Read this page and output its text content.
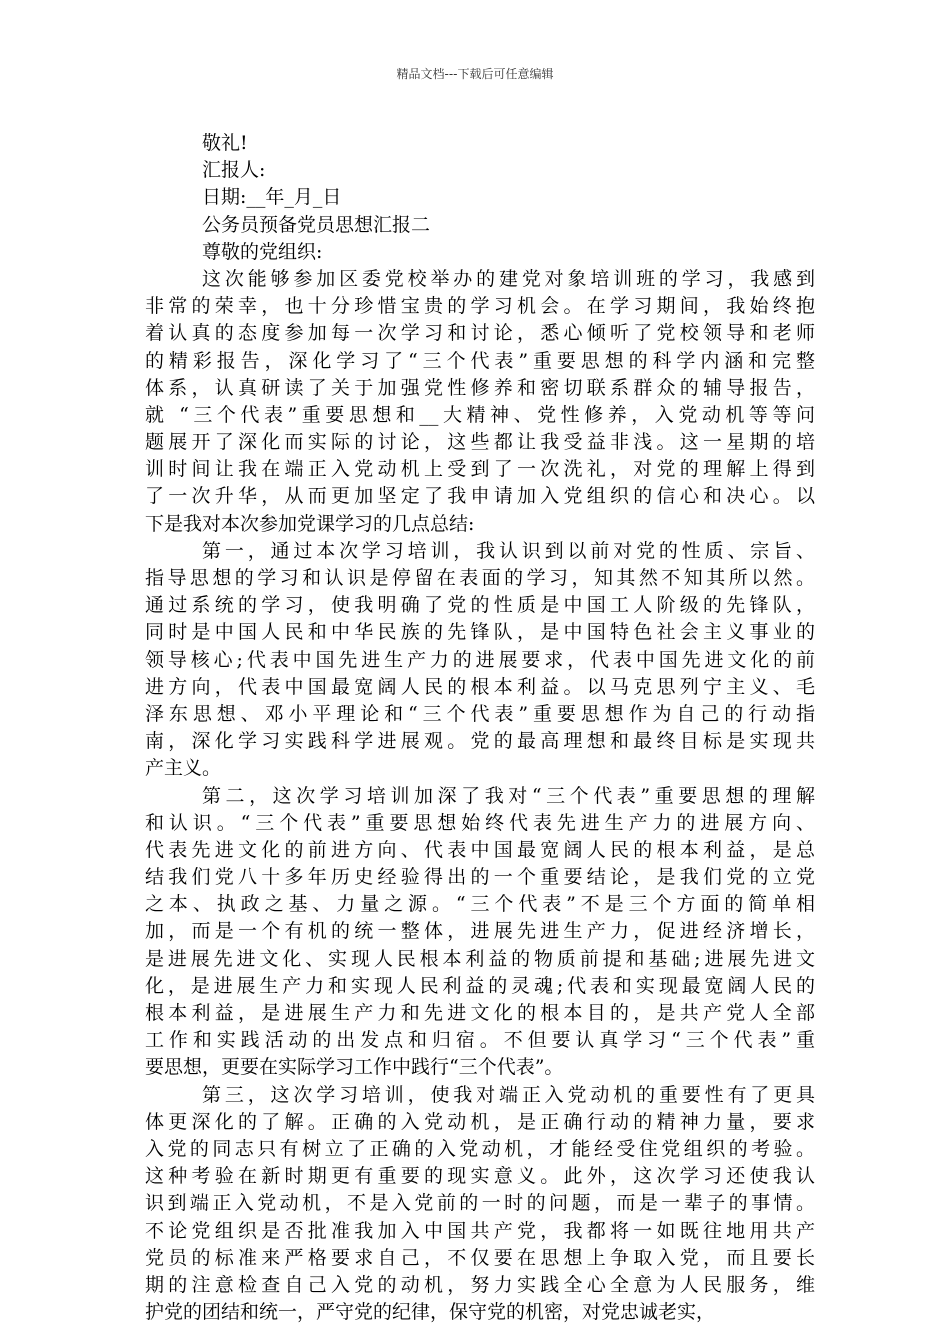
精品文档---下载后可任意编辑
敬礼!
汇报人:
日期:__年_月_日
公务员预备党员思想汇报二
尊敬的党组织:
这次能够参加区委党校举办的建党对象培训班的学习，我感到
非常的荣幸，也十分珍惜宝贵的学习机会。在学习期间，我始终抱
着认真的态度参加每一次学习和讨论，悉心倾听了党校领导和老师
的精彩报告，深化学习了“三个代表”重要思想的科学内涵和完整
体系，认真研读了关于加强党性修养和密切联系群众的辅导报告，
就 “三个代表”重要思想和__大精神、党性修养，入党动机等等问
题展开了深化而实际的讨论，这些都让我受益非浅。这一星期的培
训时间让我在端正入党动机上受到了一次洗礼，对党的理解上得到
了一次升华，从而更加坚定了我申请加入党组织的信心和决心。以
下是我对本次参加党课学习的几点总结:
第一，通过本次学习培训，我认识到以前对党的性质、宗旨、
指导思想的学习和认识是停留在表面的学习，知其然不知其所以然。
通过系统的学习，使我明确了党的性质是中国工人阶级的先锋队，
同时是中国人民和中华民族的先锋队，是中国特色社会主义事业的
领导核心;代表中国先进生产力的进展要求，代表中国先进文化的前
进方向，代表中国最宽阔人民的根本利益。以马克思列宁主义、毛
泽东思想、邓小平理论和“三个代表”重要思想作为自己的行动指
南，深化学习实践科学进展观。党的最高理想和最终目标是实现共
产主义。
第二，这次学习培训加深了我对“三个代表”重要思想的理解
和认识。“三个代表”重要思想始终代表先进生产力的进展方向、
代表先进文化的前进方向、代表中国最宽阔人民的根本利益，是总
结我们党八十多年历史经验得出的一个重要结论，是我们党的立党
之本、执政之基、力量之源。“三个代表”不是三个方面的简单相
加，而是一个有机的统一整体，进展先进生产力，促进经济增长，
是进展先进文化、实现人民根本利益的物质前提和基础;进展先进文
化，是进展生产力和实现人民利益的灵魂;代表和实现最宽阔人民的
根本利益，是进展生产力和先进文化的根本目的，是共产党人全部
工作和实践活动的出发点和归宿。不但要认真学习“三个代表”重
要思想，更要在实际学习工作中践行“三个代表”。
第三，这次学习培训，使我对端正入党动机的重要性有了更具
体更深化的了解。正确的入党动机，是正确行动的精神力量，要求
入党的同志只有树立了正确的入党动机，才能经受住党组织的考验。
这种考验在新时期更有重要的现实意义。此外，这次学习还使我认
识到端正入党动机，不是入党前的一时的问题，而是一辈子的事情。
不论党组织是否批准我加入中国共产党，我都将一如既往地用共产
党员的标准来严格要求自己，不仅要在思想上争取入党，而且要长
期的注意检查自己入党的动机，努力实践全心全意为人民服务，维
护党的团结和统一，严守党的纪律，保守党的机密，对党忠诚老实，
